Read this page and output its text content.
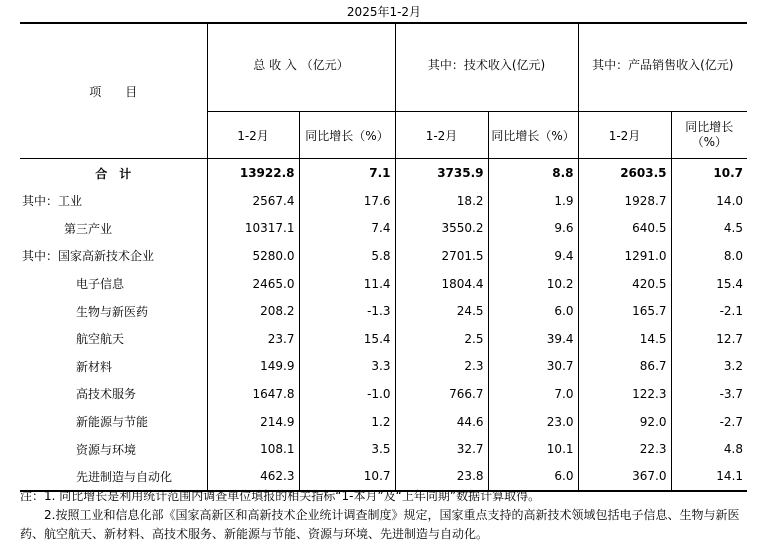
2025年1-2月
项　　目	总 收 入 （亿元）					
			其中：技术收入(亿元)		其中：产品销售收入(亿元)	
	1-2月	同比增长（%）	1-2月	同比增长（%）	1-2月	同比增长
（%）

合　计	13922.8	7.1	3735.9	8.8	2603.5	10.7
其中：工业	2567.4	17.6	18.2	1.9	1928.7	14.0
第三产业	10317.1	7.4	3550.2	9.6	640.5	4.5
其中：国家高新技术企业	5280.0	5.8	2701.5	9.4	1291.0	8.0
电子信息	2465.0	11.4	1804.4	10.2	420.5	15.4
生物与新医药	208.2	-1.3	24.5	6.0	165.7	-2.1
航空航天	23.7	15.4	2.5	39.4	14.5	12.7
新材料	149.9	3.3	2.3	30.7	86.7	3.2
高技术服务	1647.8	-1.0	766.7	7.0	122.3	-3.7
新能源与节能	214.9	1.2	44.6	23.0	92.0	-2.7
资源与环境	108.1	3.5	32.7	10.1	22.3	4.8
先进制造与自动化	462.3	10.7	23.8	6.0	367.0	14.1
注：1. 同比增长是利用统计范围内调查单位填报的相关指标“1-本月”及“上年同期”数据计算取得。
　　2.按照工业和信息化部《国家高新区和高新技术企业统计调查制度》规定，国家重点支持的高新技术领域包括电子信息、生物与新医药、航空航天、新材料、高技术服务、新能源与节能、资源与环境、先进制造与自动化。
